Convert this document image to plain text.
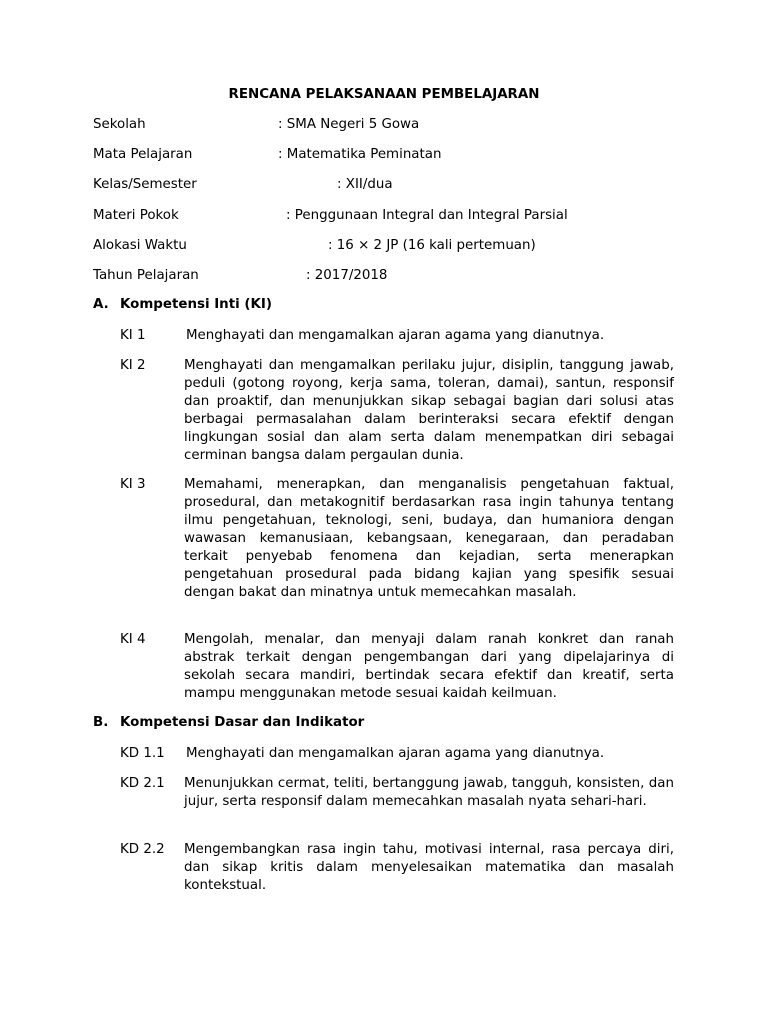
RENCANA PELAKSANAAN PEMBELAJARAN
Sekolah	: SMA Negeri 5 Gowa
Mata Pelajaran	: Matematika Peminatan
Kelas/Semester	: XII/dua
Materi Pokok	: Penggunaan Integral dan Integral Parsial
Alokasi Waktu	: 16 × 2 JP (16 kali pertemuan)
Tahun Pelajaran	: 2017/2018
A. Kompetensi Inti (KI)
KI 1	Menghayati dan mengamalkan ajaran agama yang dianutnya.
KI 2	Menghayati dan mengamalkan perilaku jujur, disiplin, tanggung jawab, peduli (gotong royong, kerja sama, toleran, damai), santun, responsif dan proaktif, dan menunjukkan sikap sebagai bagian dari solusi atas berbagai permasalahan dalam berinteraksi secara efektif dengan lingkungan sosial dan alam serta dalam menempatkan diri sebagai cerminan bangsa dalam pergaulan dunia.
KI 3	Memahami, menerapkan, dan menganalisis pengetahuan faktual, prosedural, dan metakognitif berdasarkan rasa ingin tahunya tentang ilmu pengetahuan, teknologi, seni, budaya, dan humaniora dengan wawasan kemanusiaan, kebangsaan, kenegaraan, dan peradaban terkait penyebab fenomena dan kejadian, serta menerapkan pengetahuan prosedural pada bidang kajian yang spesifik sesuai dengan bakat dan minatnya untuk memecahkan masalah.
KI 4	Mengolah, menalar, dan menyaji dalam ranah konkret dan ranah abstrak terkait dengan pengembangan dari yang dipelajarinya di sekolah secara mandiri, bertindak secara efektif dan kreatif, serta mampu menggunakan metode sesuai kaidah keilmuan.
B. Kompetensi Dasar dan Indikator
KD 1.1 Menghayati dan mengamalkan ajaran agama yang dianutnya.
KD 2.1 Menunjukkan cermat, teliti, bertanggung jawab, tangguh, konsisten, dan jujur, serta responsif dalam memecahkan masalah nyata sehari-hari.
KD 2.2 Mengembangkan rasa ingin tahu, motivasi internal, rasa percaya diri, dan sikap kritis dalam menyelesaikan matematika dan masalah kontekstual.
